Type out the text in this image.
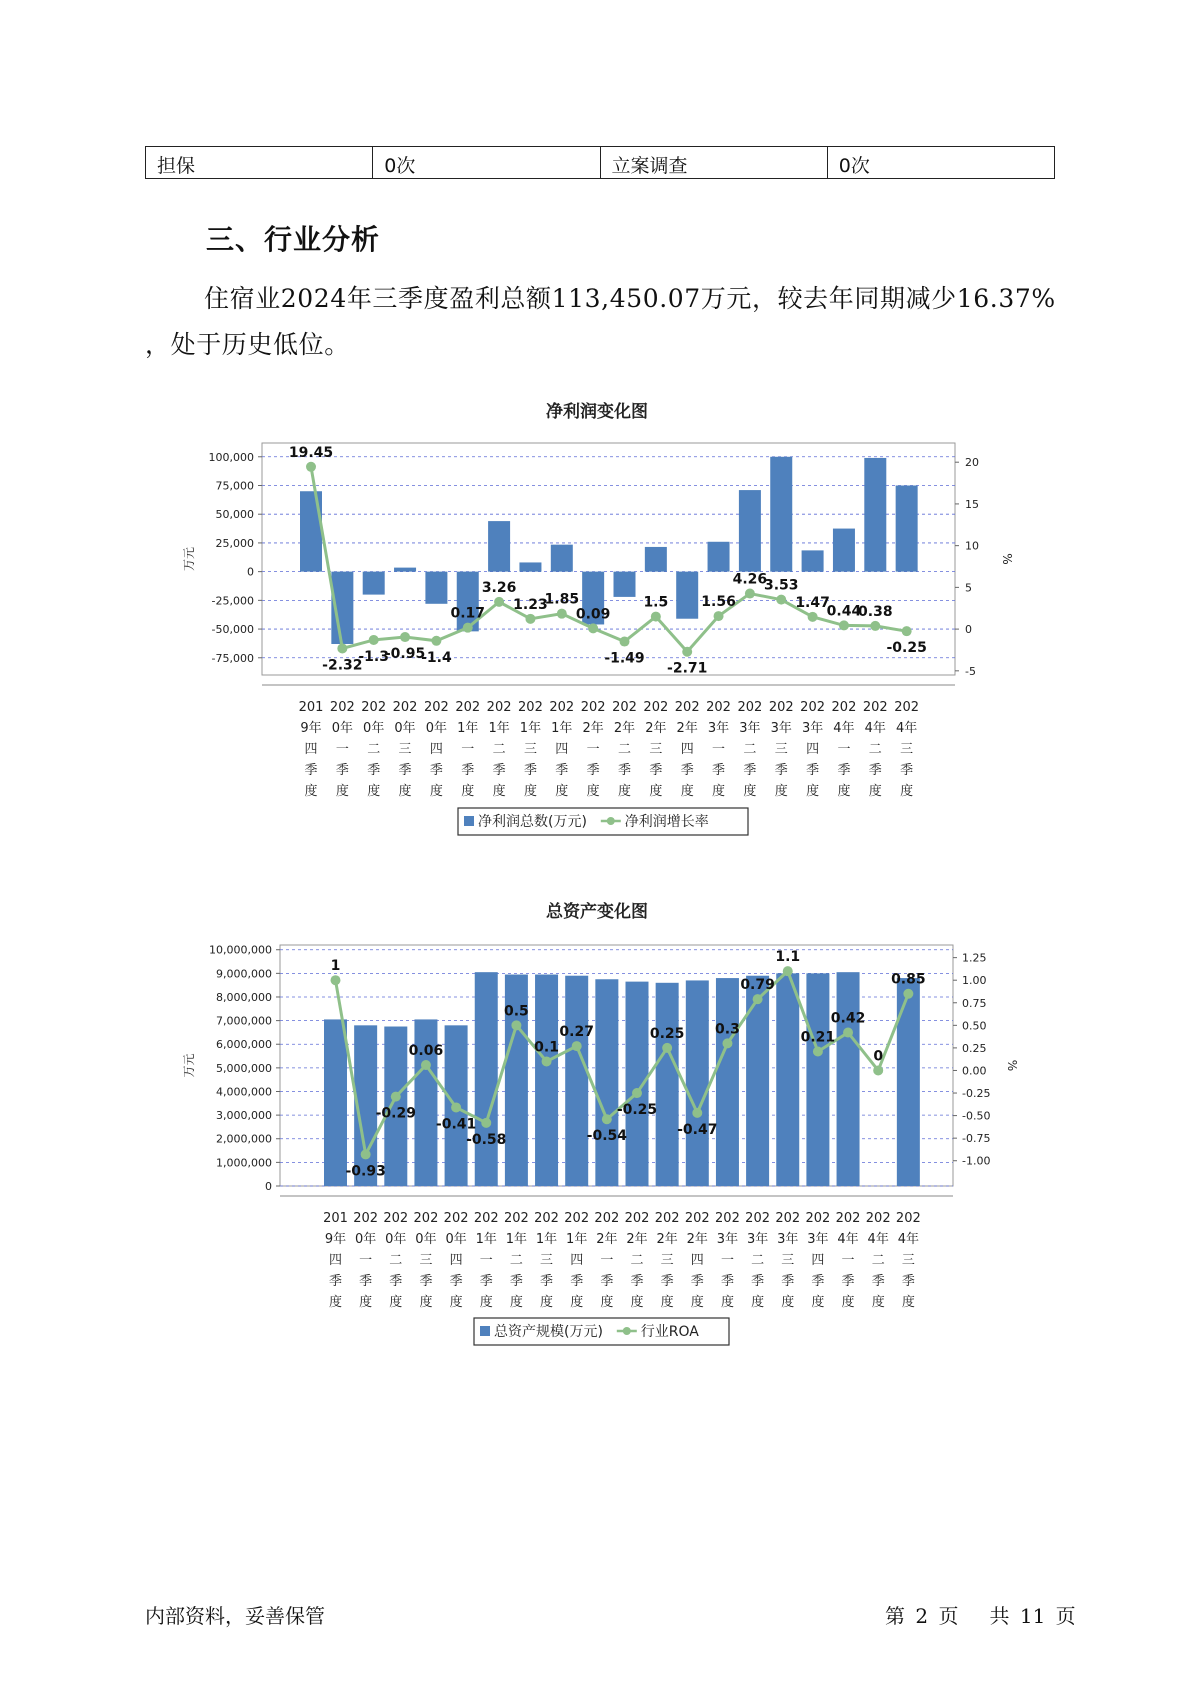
担保	0次	立案调查	0次
三、行业分析
住宿业2024年三季度盈利总额113,450.07万元，较去年同期减少16.37%
，处于历史低位。
净利润变化图
-75,000
-50,000
-25,000
0
25,000
50,000
75,000
100,000
-5
0
5
10
15
20
万元	%
19.45
-2.32
-1.3
-0.95
-1.4
0.17
3.26
1.23
1.85
0.09
-1.49
1.5
-2.71
1.56
4.26
3.53
1.47
0.44
0.38
-0.25
201
9年
四
季
度
202
0年
一
季
度
202
0年
二
季
度
202
0年
三
季
度
202
0年
四
季
度
202
1年
一
季
度
202
1年
二
季
度
202
1年
三
季
度
202
1年
四
季
度
202
2年
一
季
度
202
2年
二
季
度
202
2年
三
季
度
202
2年
四
季
度
202
3年
一
季
度
202
3年
二
季
度
202
3年
三
季
度
202
3年
四
季
度
202
4年
一
季
度
202
4年
二
季
度
202
4年
三
季
度
净利润总数(万元)	净利润增长率
总资产变化图
0
1,000,000
2,000,000
3,000,000
4,000,000
5,000,000
6,000,000
7,000,000
8,000,000
9,000,000
10,000,000
-1.00
-0.75
-0.50
-0.25
0.00
0.25
0.50
0.75
1.00
1.25
万元	%
1
-0.93
-0.29
0.06
-0.41
-0.58
0.5
0.1
0.27
-0.54
-0.25
0.25
-0.47
0.3
0.79
1.1
0.21
0.42
0
0.85
201
9年
四
季
度
202
0年
一
季
度
202
0年
二
季
度
202
0年
三
季
度
202
0年
四
季
度
202
1年
一
季
度
202
1年
二
季
度
202
1年
三
季
度
202
1年
四
季
度
202
2年
一
季
度
202
2年
二
季
度
202
2年
三
季
度
202
2年
四
季
度
202
3年
一
季
度
202
3年
二
季
度
202
3年
三
季
度
202
3年
四
季
度
202
4年
一
季
度
202
4年
二
季
度
202
4年
三
季
度
总资产规模(万元)	行业ROA
内部资料，妥善保管	第 2 页   共 11 页
